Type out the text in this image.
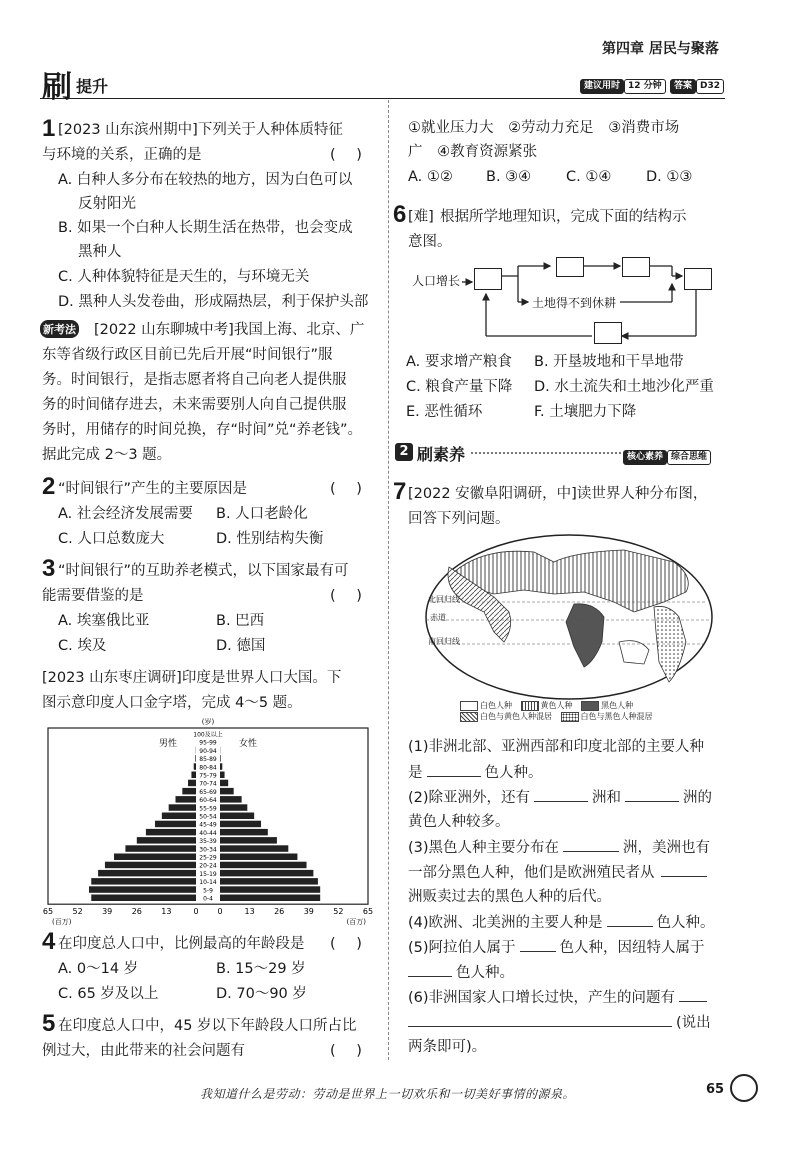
第四章 居民与聚落
刷 提升	建议用时 12 分钟	答案 D32
1 [2023 山东滨州期中]下列关于人种体质特征
与环境的关系，正确的是	( )
A. 白种人多分布在较热的地方，因为白色可以
反射阳光
B. 如果一个白种人长期生活在热带，也会变成
黑种人
C. 人种体貌特征是天生的，与环境无关
D. 黑种人头发卷曲，形成隔热层，利于保护头部
新考法 [2022 山东聊城中考]我国上海、北京、广
东等省级行政区目前已先后开展“时间银行”服
务。时间银行，是指志愿者将自己向老人提供服
务的时间储存进去，未来需要别人向自己提供服
务时，用储存的时间兑换，存“时间”兑“养老钱”。
据此完成 2～3 题。
2 “时间银行”产生的主要原因是	( )
A. 社会经济发展需要 B. 人口老龄化
C. 人口总数庞大	D. 性别结构失衡
3 “时间银行”的互助养老模式，以下国家最有可
能需要借鉴的是	( )
A. 埃塞俄比亚	B. 巴西
C. 埃及	D. 德国
[2023 山东枣庄调研]印度是世界人口大国。下
图示意印度人口金字塔，完成 4～5 题。
100及以上
95-99
90-94
85-89
80-84
75-79
70-74
65-69
60-64
55-59
50-54
45-49
40-44
35-39
30-34
25-29
20-24
15-19
10-14
5-9
0-4
(岁)
男性	女性
65 52 39 26 13	0 0	13 26 39 52 65
(百万)	(百万)
4 在印度总人口中，比例最高的年龄段是 ( )
A. 0～14 岁	B. 15～29 岁
C. 65 岁及以上	D. 70～90 岁
5 在印度总人口中，45 岁以下年龄段人口所占比
例过大，由此带来的社会问题有	( )
①就业压力大 ②劳动力充足 ③消费市场
广 ④教育资源紧张
A. ①② B. ③④ C. ①④ D. ①③
6 [难] 根据所学地理知识，完成下面的结构示
意图。
人口增长
土地得不到休耕
A. 要求增产粮食 B. 开垦坡地和干旱地带
C. 粮食产量下降 D. 水土流失和土地沙化严重
E. 恶性循环	F. 土壤肥力下降
2 刷素养	核心素养 综合思维
7 [2022 安徽阜阳调研，中]读世界人种分布图，
回答下列问题。
北回归线
赤道
南回归线
白色人种	黄色人种	黑色人种
白色与黄色人种混居	白色与黑色人种混居
(1)非洲北部、亚洲西部和印度北部的主要人种
是	色人种。
(2)除亚洲外，还有	洲和	洲的
黄色人种较多。
(3)黑色人种主要分布在	洲，美洲也有
一部分黑色人种，他们是欧洲殖民者从
洲贩卖过去的黑色人种的后代。
(4)欧洲、北美洲的主要人种是	色人种。
(5)阿拉伯人属于	色人种，因纽特人属于
色人种。
(6)非洲国家人口增长过快，产生的问题有
(说出
两条即可)。
我知道什么是劳动：劳动是世界上一切欢乐和一切美好事情的源泉。	65
